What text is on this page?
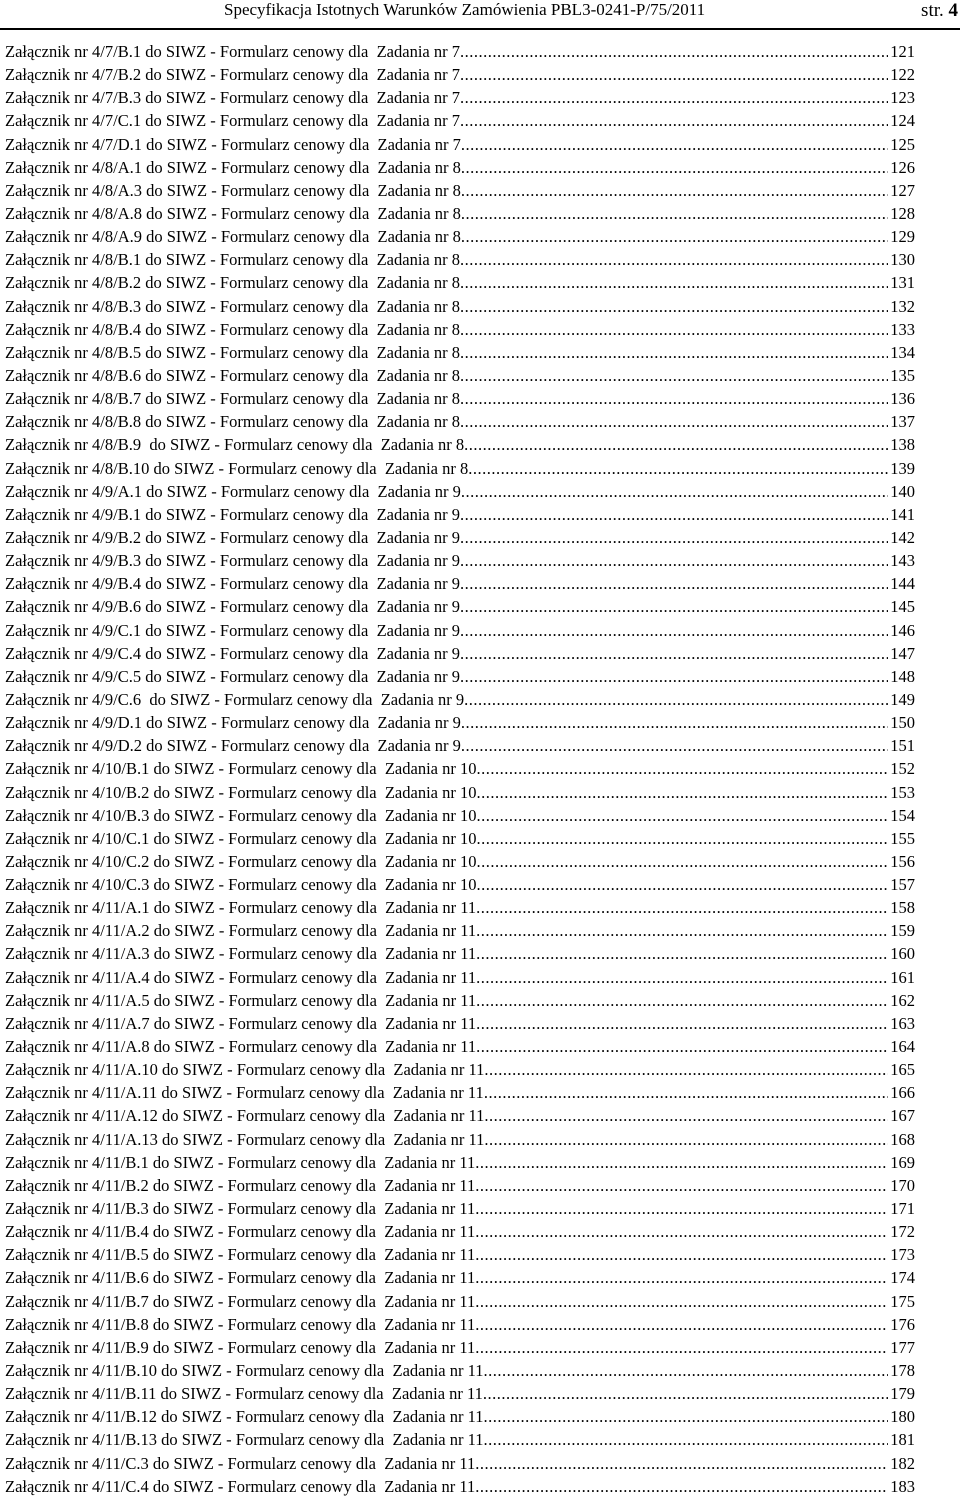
Specyfikacja Istotnych Warunków Zamówienia PBL3-0241-P/75/2011	str. 4
Załącznik nr 4/7/B.1 do SIWZ - Formularz cenowy dla  Zadania nr 7 .....	121
Załącznik nr 4/7/B.2 do SIWZ - Formularz cenowy dla  Zadania nr 7 .....	122
Załącznik nr 4/7/B.3 do SIWZ - Formularz cenowy dla  Zadania nr 7 .....	123
Załącznik nr 4/7/C.1 do SIWZ - Formularz cenowy dla  Zadania nr 7 .....	124
Załącznik nr 4/7/D.1 do SIWZ - Formularz cenowy dla  Zadania nr 7 .....	125
Załącznik nr 4/8/A.1 do SIWZ - Formularz cenowy dla  Zadania nr 8 .....	126
Załącznik nr 4/8/A.3 do SIWZ - Formularz cenowy dla  Zadania nr 8 .....	127
Załącznik nr 4/8/A.8 do SIWZ - Formularz cenowy dla  Zadania nr 8 .....	128
Załącznik nr 4/8/A.9 do SIWZ - Formularz cenowy dla  Zadania nr 8 .....	129
Załącznik nr 4/8/B.1 do SIWZ - Formularz cenowy dla  Zadania nr 8 .....	130
Załącznik nr 4/8/B.2 do SIWZ - Formularz cenowy dla  Zadania nr 8 .....	131
Załącznik nr 4/8/B.3 do SIWZ - Formularz cenowy dla  Zadania nr 8 .....	132
Załącznik nr 4/8/B.4 do SIWZ - Formularz cenowy dla  Zadania nr 8 .....	133
Załącznik nr 4/8/B.5 do SIWZ - Formularz cenowy dla  Zadania nr 8 .....	134
Załącznik nr 4/8/B.6 do SIWZ - Formularz cenowy dla  Zadania nr 8 .....	135
Załącznik nr 4/8/B.7 do SIWZ - Formularz cenowy dla  Zadania nr 8 .....	136
Załącznik nr 4/8/B.8 do SIWZ - Formularz cenowy dla  Zadania nr 8 .....	137
Załącznik nr 4/8/B.9  do SIWZ - Formularz cenowy dla  Zadania nr 8 .....	138
Załącznik nr 4/8/B.10 do SIWZ - Formularz cenowy dla  Zadania nr 8 .....	139
Załącznik nr 4/9/A.1 do SIWZ - Formularz cenowy dla  Zadania nr 9 .....	140
Załącznik nr 4/9/B.1 do SIWZ - Formularz cenowy dla  Zadania nr 9 .....	141
Załącznik nr 4/9/B.2 do SIWZ - Formularz cenowy dla  Zadania nr 9 .....	142
Załącznik nr 4/9/B.3 do SIWZ - Formularz cenowy dla  Zadania nr 9 .....	143
Załącznik nr 4/9/B.4 do SIWZ - Formularz cenowy dla  Zadania nr 9 .....	144
Załącznik nr 4/9/B.6 do SIWZ - Formularz cenowy dla  Zadania nr 9 .....	145
Załącznik nr 4/9/C.1 do SIWZ - Formularz cenowy dla  Zadania nr 9 .....	146
Załącznik nr 4/9/C.4 do SIWZ - Formularz cenowy dla  Zadania nr 9 .....	147
Załącznik nr 4/9/C.5 do SIWZ - Formularz cenowy dla  Zadania nr 9 .....	148
Załącznik nr 4/9/C.6  do SIWZ - Formularz cenowy dla  Zadania nr 9 .....	149
Załącznik nr 4/9/D.1 do SIWZ - Formularz cenowy dla  Zadania nr 9 .....	150
Załącznik nr 4/9/D.2 do SIWZ - Formularz cenowy dla  Zadania nr 9 .....	151
Załącznik nr 4/10/B.1 do SIWZ - Formularz cenowy dla  Zadania nr 10 .....	152
Załącznik nr 4/10/B.2 do SIWZ - Formularz cenowy dla  Zadania nr 10 .....	153
Załącznik nr 4/10/B.3 do SIWZ - Formularz cenowy dla  Zadania nr 10 .....	154
Załącznik nr 4/10/C.1 do SIWZ - Formularz cenowy dla  Zadania nr 10 .....	155
Załącznik nr 4/10/C.2 do SIWZ - Formularz cenowy dla  Zadania nr 10 .....	156
Załącznik nr 4/10/C.3 do SIWZ - Formularz cenowy dla  Zadania nr 10 .....	157
Załącznik nr 4/11/A.1 do SIWZ - Formularz cenowy dla  Zadania nr 11 .....	158
Załącznik nr 4/11/A.2 do SIWZ - Formularz cenowy dla  Zadania nr 11 .....	159
Załącznik nr 4/11/A.3 do SIWZ - Formularz cenowy dla  Zadania nr 11 .....	160
Załącznik nr 4/11/A.4 do SIWZ - Formularz cenowy dla  Zadania nr 11 .....	161
Załącznik nr 4/11/A.5 do SIWZ - Formularz cenowy dla  Zadania nr 11 .....	162
Załącznik nr 4/11/A.7 do SIWZ - Formularz cenowy dla  Zadania nr 11 .....	163
Załącznik nr 4/11/A.8 do SIWZ - Formularz cenowy dla  Zadania nr 11 .....	164
Załącznik nr 4/11/A.10 do SIWZ - Formularz cenowy dla  Zadania nr 11 .....	165
Załącznik nr 4/11/A.11 do SIWZ - Formularz cenowy dla  Zadania nr 11 .....	166
Załącznik nr 4/11/A.12 do SIWZ - Formularz cenowy dla  Zadania nr 11 .....	167
Załącznik nr 4/11/A.13 do SIWZ - Formularz cenowy dla  Zadania nr 11 .....	168
Załącznik nr 4/11/B.1 do SIWZ - Formularz cenowy dla  Zadania nr 11 .....	169
Załącznik nr 4/11/B.2 do SIWZ - Formularz cenowy dla  Zadania nr 11 .....	170
Załącznik nr 4/11/B.3 do SIWZ - Formularz cenowy dla  Zadania nr 11 .....	171
Załącznik nr 4/11/B.4 do SIWZ - Formularz cenowy dla  Zadania nr 11 .....	172
Załącznik nr 4/11/B.5 do SIWZ - Formularz cenowy dla  Zadania nr 11 .....	173
Załącznik nr 4/11/B.6 do SIWZ - Formularz cenowy dla  Zadania nr 11 .....	174
Załącznik nr 4/11/B.7 do SIWZ - Formularz cenowy dla  Zadania nr 11 .....	175
Załącznik nr 4/11/B.8 do SIWZ - Formularz cenowy dla  Zadania nr 11 .....	176
Załącznik nr 4/11/B.9 do SIWZ - Formularz cenowy dla  Zadania nr 11 .....	177
Załącznik nr 4/11/B.10 do SIWZ - Formularz cenowy dla  Zadania nr 11 .....	178
Załącznik nr 4/11/B.11 do SIWZ - Formularz cenowy dla  Zadania nr 11 .....	179
Załącznik nr 4/11/B.12 do SIWZ - Formularz cenowy dla  Zadania nr 11 .....	180
Załącznik nr 4/11/B.13 do SIWZ - Formularz cenowy dla  Zadania nr 11 .....	181
Załącznik nr 4/11/C.3 do SIWZ - Formularz cenowy dla  Zadania nr 11 .....	182
Załącznik nr 4/11/C.4 do SIWZ - Formularz cenowy dla  Zadania nr 11 .....	183
